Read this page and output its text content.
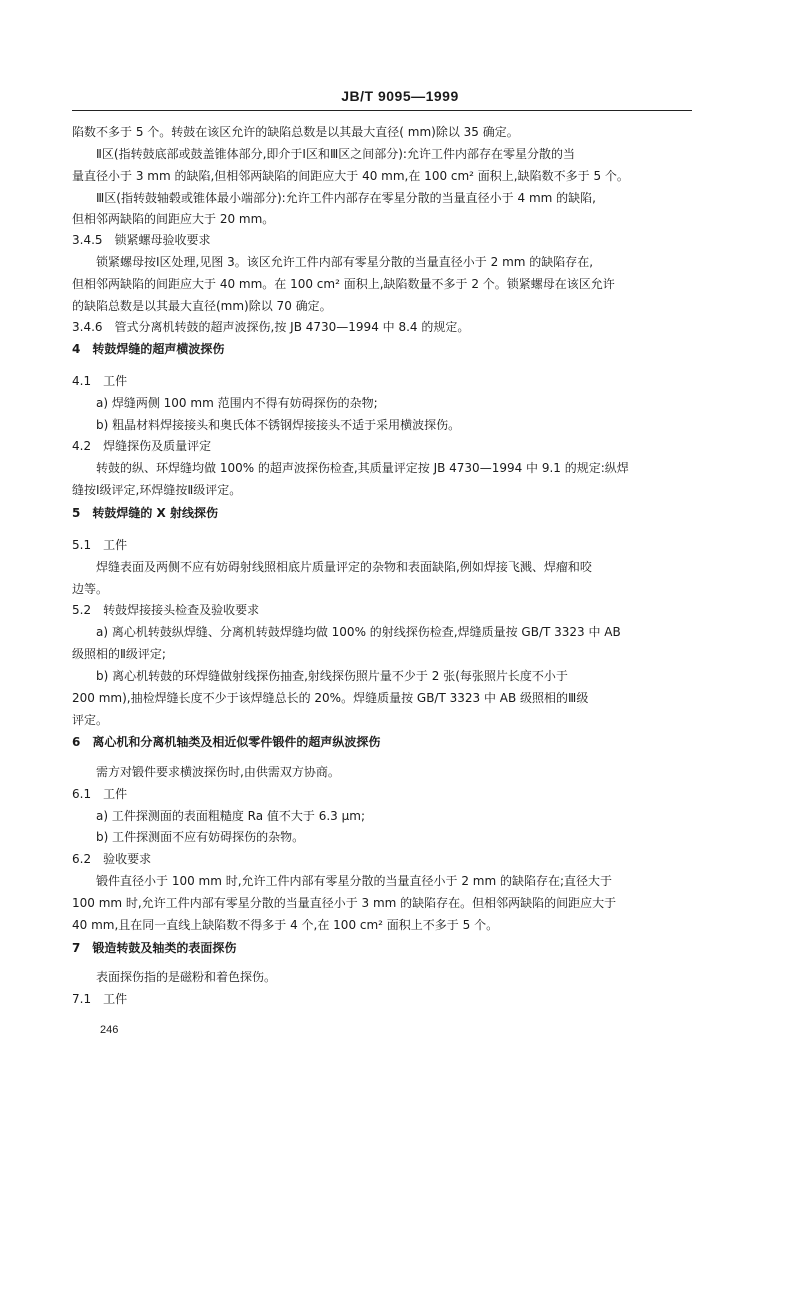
JB/T 9095—1999
陷数不多于 5 个。转鼓在该区允许的缺陷总数是以其最大直径( mm)除以 35 确定。
Ⅱ区(指转鼓底部或鼓盖锥体部分,即介于Ⅰ区和Ⅲ区之间部分):允许工件内部存在零星分散的当
量直径小于 3 mm 的缺陷,但相邻两缺陷的间距应大于 40 mm,在 100 cm² 面积上,缺陷数不多于 5 个。
Ⅲ区(指转鼓轴毂或锥体最小端部分):允许工件内部存在零星分散的当量直径小于 4 mm 的缺陷,
但相邻两缺陷的间距应大于 20 mm。
3.4.5　锁紧螺母验收要求
锁紧螺母按Ⅰ区处理,见图 3。该区允许工件内部有零星分散的当量直径小于 2 mm 的缺陷存在,
但相邻两缺陷的间距应大于 40 mm。在 100 cm² 面积上,缺陷数量不多于 2 个。锁紧螺母在该区允许
的缺陷总数是以其最大直径(mm)除以 70 确定。
3.4.6　管式分离机转鼓的超声波探伤,按 JB 4730—1994 中 8.4 的规定。
4　转鼓焊缝的超声横波探伤
4.1　工件
a) 焊缝两侧 100 mm 范围内不得有妨碍探伤的杂物;
b) 粗晶材料焊接接头和奥氏体不锈钢焊接接头不适于采用横波探伤。
4.2　焊缝探伤及质量评定
转鼓的纵、环焊缝均做 100% 的超声波探伤检查,其质量评定按 JB 4730—1994 中 9.1 的规定:纵焊
缝按Ⅰ级评定,环焊缝按Ⅱ级评定。
5　转鼓焊缝的 X 射线探伤
5.1　工件
焊缝表面及两侧不应有妨碍射线照相底片质量评定的杂物和表面缺陷,例如焊接飞溅、焊瘤和咬
边等。
5.2　转鼓焊接接头检查及验收要求
a) 离心机转鼓纵焊缝、分离机转鼓焊缝均做 100% 的射线探伤检查,焊缝质量按 GB/T 3323 中 AB
级照相的Ⅱ级评定;
b) 离心机转鼓的环焊缝做射线探伤抽查,射线探伤照片量不少于 2 张(每张照片长度不小于
200 mm),抽检焊缝长度不少于该焊缝总长的 20%。焊缝质量按 GB/T 3323 中 AB 级照相的Ⅲ级
评定。
6　离心机和分离机轴类及相近似零件锻件的超声纵波探伤
需方对锻件要求横波探伤时,由供需双方协商。
6.1　工件
a) 工件探测面的表面粗糙度 Ra 值不大于 6.3 μm;
b) 工件探测面不应有妨碍探伤的杂物。
6.2　验收要求
锻件直径小于 100 mm 时,允许工件内部有零星分散的当量直径小于 2 mm 的缺陷存在;直径大于
100 mm 时,允许工件内部有零星分散的当量直径小于 3 mm 的缺陷存在。但相邻两缺陷的间距应大于
40 mm,且在同一直线上缺陷数不得多于 4 个,在 100 cm² 面积上不多于 5 个。
7　锻造转鼓及轴类的表面探伤
表面探伤指的是磁粉和着色探伤。
7.1　工件
246
